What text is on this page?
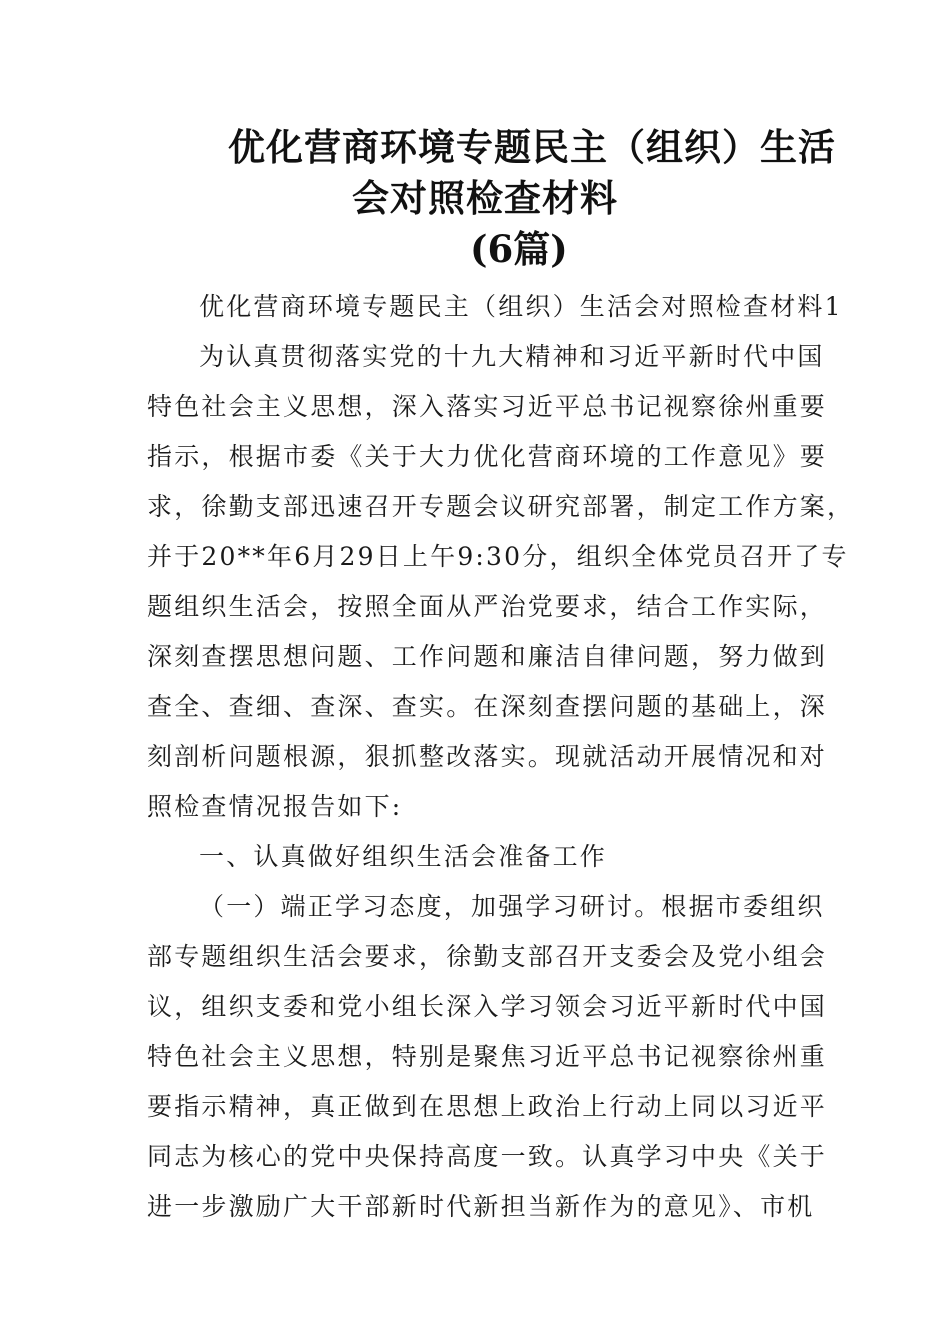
优化营商环境专题民主（组织）生活
会对照检查材料
(6篇)
优化营商环境专题民主（组织）生活会对照检查材料1
为认真贯彻落实党的十九大精神和习近平新时代中国
特色社会主义思想，深入落实习近平总书记视察徐州重要
指示，根据市委《关于大力优化营商环境的工作意见》要
求，徐勤支部迅速召开专题会议研究部署，制定工作方案，
并于20**年6月29日上午9:30分，组织全体党员召开了专
题组织生活会，按照全面从严治党要求，结合工作实际，
深刻查摆思想问题、工作问题和廉洁自律问题，努力做到
查全、查细、查深、查实。在深刻查摆问题的基础上，深
刻剖析问题根源，狠抓整改落实。现就活动开展情况和对
照检查情况报告如下:
一、认真做好组织生活会准备工作
（一）端正学习态度，加强学习研讨。根据市委组织
部专题组织生活会要求，徐勤支部召开支委会及党小组会
议，组织支委和党小组长深入学习领会习近平新时代中国
特色社会主义思想，特别是聚焦习近平总书记视察徐州重
要指示精神，真正做到在思想上政治上行动上同以习近平
同志为核心的党中央保持高度一致。认真学习中央《关于
进一步激励广大干部新时代新担当新作为的意见》、市机
